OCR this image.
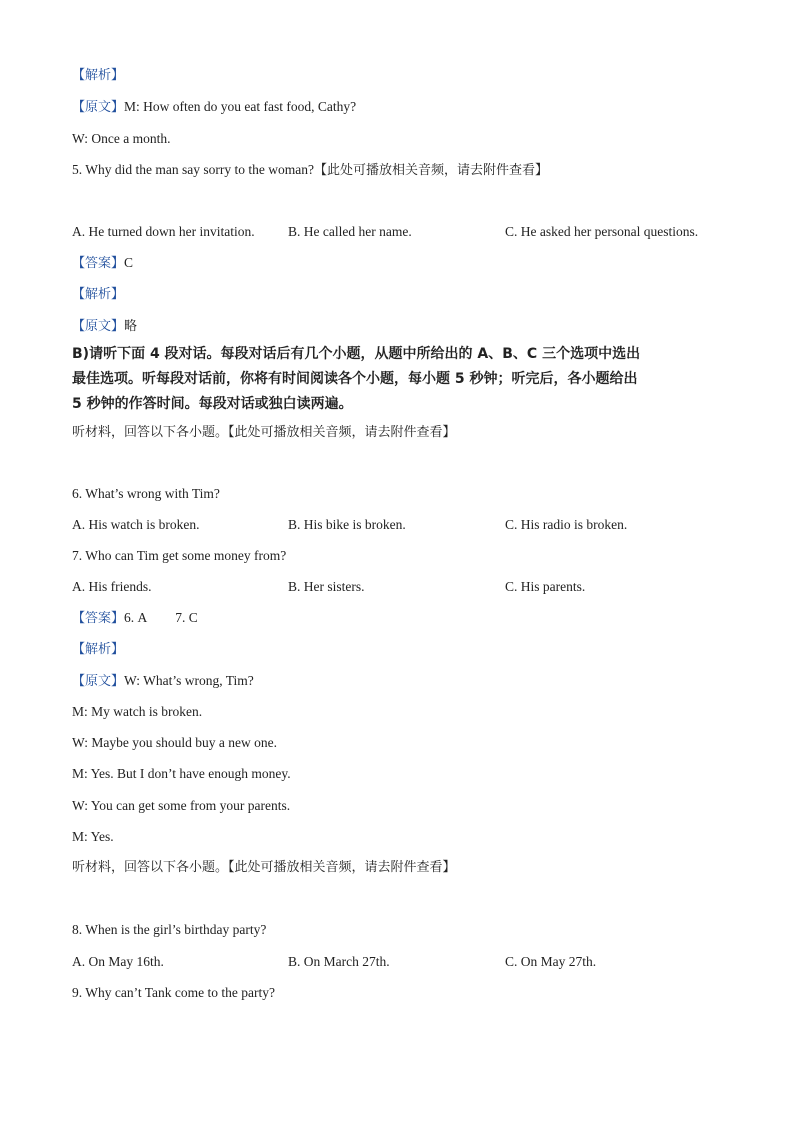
【解析】
【原文】M: How often do you eat fast food, Cathy?
W: Once a month.
5. Why did the man say sorry to the woman?【此处可播放相关音频，请去附件查看】
A. He turned down her invitation. B. He called her name.	C. He asked her personal questions.
【答案】C
【解析】
【原文】略
B)请听下面 4 段对话。每段对话后有几个小题，从题中所给出的 A、B、C 三个选项中选出
最佳选项。听每段对话前，你将有时间阅读各个小题，每小题 5 秒钟；听完后，各小题给出
5 秒钟的作答时间。每段对话或独白读两遍。
听材料，回答以下各小题。【此处可播放相关音频，请去附件查看】
6. What’s wrong with Tim?
A. His watch is broken.	B. His bike is broken.	C. His radio is broken.
7. Who can Tim get some money from?
A. His friends.	B. Her sisters.	C. His parents.
【答案】6. A 7. C
【解析】
【原文】W: What’s wrong, Tim?
M: My watch is broken.
W: Maybe you should buy a new one.
M: Yes. But I don’t have enough money.
W: You can get some from your parents.
M: Yes.
听材料，回答以下各小题。【此处可播放相关音频，请去附件查看】
8. When is the girl’s birthday party?
A. On May 16th.	B. On March 27th.	C. On May 27th.
9. Why can’t Tank come to the party?
